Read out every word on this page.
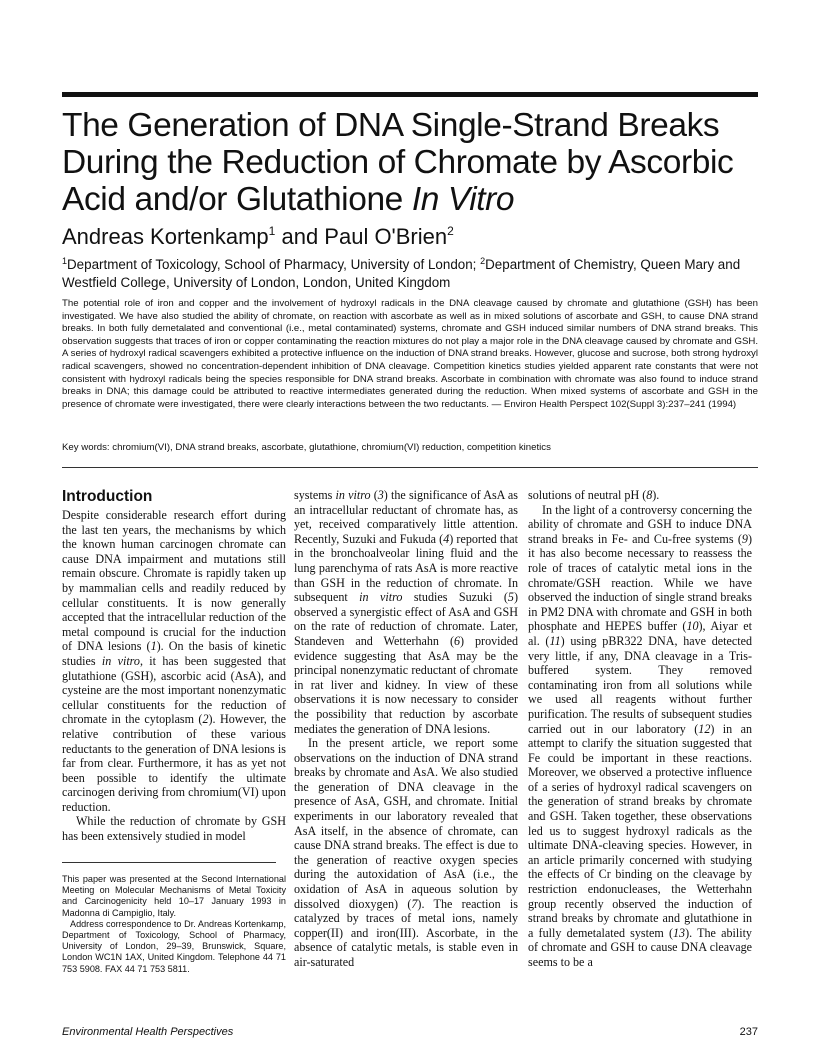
The Generation of DNA Single-Strand Breaks
During the Reduction of Chromate by Ascorbic
Acid and/or Glutathione In Vitro
Andreas Kortenkamp$^1$ and Paul O'Brien$^2$
$^1$Department of Toxicology, School of Pharmacy, University of London; $^2$Department of Chemistry, Queen Mary and Westfield College, University of London, London, United Kingdom
The potential role of iron and copper and the involvement of hydroxyl radicals in the DNA cleavage caused by chromate and glutathione (GSH) has been investigated. We have also studied the ability of chromate, on reaction with ascorbate as well as in mixed solutions of ascorbate and GSH, to cause DNA strand breaks. In both fully demetalated and conventional (i.e., metal contaminated) systems, chromate and GSH induced similar numbers of DNA strand breaks. This observation suggests that traces of iron or copper contaminating the reaction mixtures do not play a major role in the DNA cleavage caused by chromate and GSH. A series of hydroxyl radical scavengers exhibited a protective influence on the induction of DNA strand breaks. However, glucose and sucrose, both strong hydroxyl radical scavengers, showed no concentration-dependent inhibition of DNA cleavage. Competition kinetics studies yielded apparent rate constants that were not consistent with hydroxyl radicals being the species responsible for DNA strand breaks. Ascorbate in combination with chromate was also found to induce strand breaks in DNA; this damage could be attributed to reactive intermediates generated during the reduction. When mixed systems of ascorbate and GSH in the presence of chromate were investigated, there were clearly interactions between the two reductants. — Environ Health Perspect 102(Suppl 3):237–241 (1994)
Key words: chromium(VI), DNA strand breaks, ascorbate, glutathione, chromium(VI) reduction, competition kinetics
Introduction

Despite considerable research effort during the last ten years, the mechanisms by which the known human carcinogen chromate can cause DNA impairment and mutations still remain obscure. Chromate is rapidly taken up by mammalian cells and readily reduced by cellular constituents. It is now generally accepted that the intracellular reduction of the metal compound is crucial for the induction of DNA lesions (1). On the basis of kinetic studies in vitro, it has been suggested that glutathione (GSH), ascorbic acid (AsA), and cysteine are the most important nonenzymatic cellular constituents for the reduction of chromate in the cytoplasm (2). However, the relative contribution of these various reductants to the generation of DNA lesions is far from clear. Furthermore, it has as yet not been possible to identify the ultimate carcinogen deriving from chromium(VI) upon reduction.

While the reduction of chromate by GSH has been extensively studied in model

This paper was presented at the Second International Meeting on Molecular Mechanisms of Metal Toxicity and Carcinogenicity held 10–17 January 1993 in Madonna di Campiglio, Italy.

Address correspondence to Dr. Andreas Kortenkamp, Department of Toxicology, School of Pharmacy, University of London, 29–39, Brunswick, Square, London WC1N 1AX, United Kingdom. Telephone 44 71 753 5908. FAX 44 71 753 5811.

systems in vitro (3) the significance of AsA as an intracellular reductant of chromate has, as yet, received comparatively little attention. Recently, Suzuki and Fukuda (4) reported that in the bronchoalveolar lining fluid and the lung parenchyma of rats AsA is more reactive than GSH in the reduction of chromate. In subsequent in vitro studies Suzuki (5) observed a synergistic effect of AsA and GSH on the rate of reduction of chromate. Later, Standeven and Wetterhahn (6) provided evidence suggesting that AsA may be the principal nonenzymatic reductant of chromate in rat liver and kidney. In view of these observations it is now necessary to consider the possibility that reduction by ascorbate mediates the generation of DNA lesions.

In the present article, we report some observations on the induction of DNA strand breaks by chromate and AsA. We also studied the generation of DNA cleavage in the presence of AsA, GSH, and chromate. Initial experiments in our laboratory revealed that AsA itself, in the absence of chromate, can cause DNA strand breaks. The effect is due to the generation of reactive oxygen species during the autoxidation of AsA (i.e., the oxidation of AsA in aqueous solution by dissolved dioxygen) (7). The reaction is catalyzed by traces of metal ions, namely copper(II) and iron(III). Ascorbate, in the absence of catalytic metals, is stable even in air-saturated

solutions of neutral pH (8).

In the light of a controversy concerning the ability of chromate and GSH to induce DNA strand breaks in Fe- and Cu-free systems (9) it has also become necessary to reassess the role of traces of catalytic metal ions in the chromate/GSH reaction. While we have observed the induction of single strand breaks in PM2 DNA with chromate and GSH in both phosphate and HEPES buffer (10), Aiyar et al. (11) using pBR322 DNA, have detected very little, if any, DNA cleavage in a Tris-buffered system. They removed contaminating iron from all solutions while we used all reagents without further purification. The results of subsequent studies carried out in our laboratory (12) in an attempt to clarify the situation suggested that Fe could be important in these reactions. Moreover, we observed a protective influence of a series of hydroxyl radical scavengers on the generation of strand breaks by chromate and GSH. Taken together, these observations led us to suggest hydroxyl radicals as the ultimate DNA-cleaving species. However, in an article primarily concerned with studying the effects of Cr binding on the cleavage by restriction endonucleases, the Wetterhahn group recently observed the induction of strand breaks by chromate and glutathione in a fully demetalated system (13). The ability of chromate and GSH to cause DNA cleavage seems to be a

Environmental Health Perspectives	237
